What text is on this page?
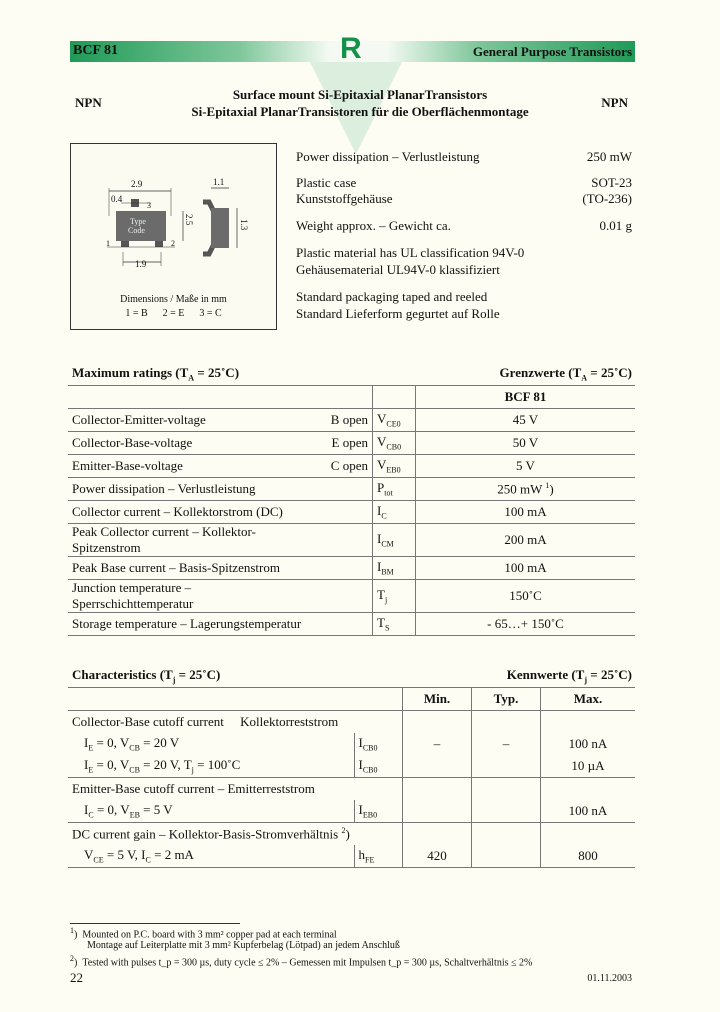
BCF 81	General Purpose Transistors
R
Surface mount Si-Epitaxial PlanarTransistors
Si-Epitaxial PlanarTransistoren für die Oberflächenmontage
NPN	NPN
2.9	1.1
0.4
3
Type
Code
2.5	1.3
1	2
1.9
Dimensions / Maße in mm
1 = B      2 = E      3 = C
Power dissipation – Verlustleistung	250 mW
Plastic case	SOT-23
Kunststoffgehäuse	(TO-236)
Weight approx. – Gewicht ca.	0.01 g
Plastic material has UL classification 94V-0
Gehäusematerial UL94V-0 klassifiziert
Standard packaging taped and reeled
Standard Lieferform gegurtet auf Rolle
Maximum ratings ($T_A$ = 25˚C)	Grenzwerte ($T_A$ = 25˚C)
			BCF 81
Collector-Emitter-voltage	B open	$V_{CE0}$	45 V
Collector-Base-voltage	E open	$V_{CB0}$	50 V
Emitter-Base-voltage	C open	$V_{EB0}$	5 V
Power dissipation – Verlustleistung		$P_{tot}$	250 mW $^1$)
Collector current – Kollektorstrom (DC)		$I_C$	100 mA
Peak Collector current – Kollektor-Spitzenstrom		$I_{CM}$	200 mA
Peak Base current – Basis-Spitzenstrom		$I_{BM}$	100 mA
Junction temperature – Sperrschichttemperatur		$T_j$	150˚C
Storage temperature – Lagerungstemperatur		$T_S$	- 65…+ 150˚C
Characteristics ($T_j$ = 25˚C)	Kennwerte ($T_j$ = 25˚C)
		Min.	Typ.	Max.
Collector-Base cutoff current     Kollektorreststrom				
$I_E = 0$, $V_{CB} = 20$ V	$I_{CB0}$	–	–	100 nA
$I_E = 0$, $V_{CB} = 20$ V, $T_j$ = 100˚C	$I_{CB0}$			10 µA
Emitter-Base cutoff current – Emitterreststrom				
$I_C = 0$, $V_{EB} = 5$ V	$I_{EB0}$			100 nA
DC current gain – Kollektor-Basis-Stromverhältnis $^2$)				
$V_{CE} = 5$ V, $I_C = 2$ mA	$h_{FE}$	420		800
$^1$)  Mounted on P.C. board with 3 mm² copper pad at each terminal
Montage auf Leiterplatte mit 3 mm² Kupferbelag (Lötpad) an jedem Anschluß
$^2$)  Tested with pulses t_p = 300 µs, duty cycle ≤ 2% – Gemessen mit Impulsen t_p = 300 µs, Schaltverhältnis ≤ 2%
22	01.11.2003
